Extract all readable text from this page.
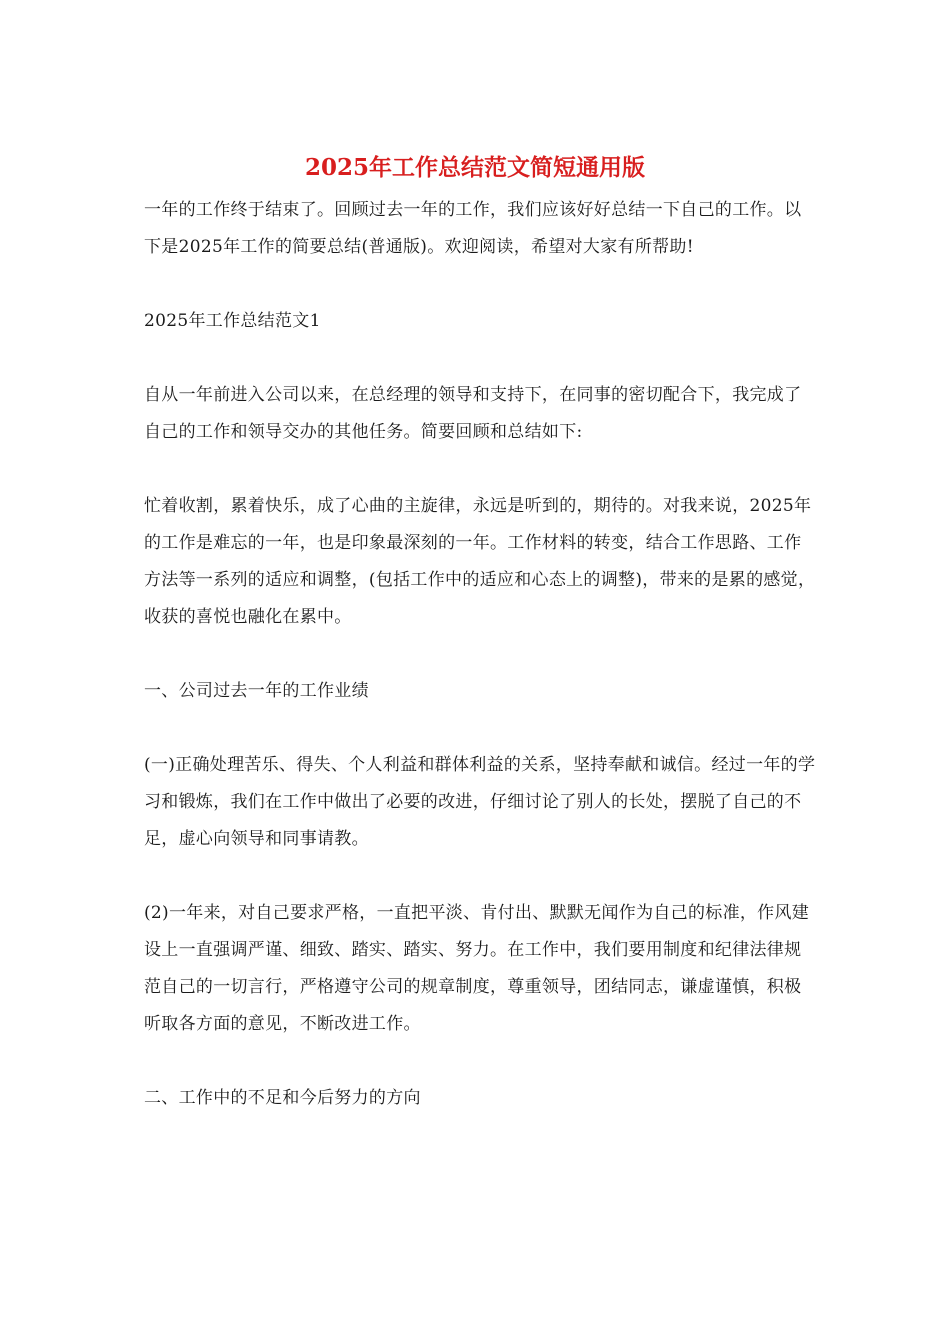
2025年工作总结范文简短通用版

一年的工作终于结束了。回顾过去一年的工作，我们应该好好总结一下自己的工作。以下是2025年工作的简要总结(普通版)。欢迎阅读，希望对大家有所帮助!

2025年工作总结范文1

自从一年前进入公司以来，在总经理的领导和支持下，在同事的密切配合下，我完成了自己的工作和领导交办的其他任务。简要回顾和总结如下:

忙着收割，累着快乐，成了心曲的主旋律，永远是听到的，期待的。对我来说，2025年的工作是难忘的一年，也是印象最深刻的一年。工作材料的转变，结合工作思路、工作方法等一系列的适应和调整，(包括工作中的适应和心态上的调整)，带来的是累的感觉，收获的喜悦也融化在累中。

一、公司过去一年的工作业绩

(一)正确处理苦乐、得失、个人利益和群体利益的关系，坚持奉献和诚信。经过一年的学习和锻炼，我们在工作中做出了必要的改进，仔细讨论了别人的长处，摆脱了自己的不足，虚心向领导和同事请教。

(2)一年来，对自己要求严格，一直把平淡、肯付出、默默无闻作为自己的标准，作风建设上一直强调严谨、细致、踏实、踏实、努力。在工作中，我们要用制度和纪律法律规范自己的一切言行，严格遵守公司的规章制度，尊重领导，团结同志，谦虚谨慎，积极听取各方面的意见，不断改进工作。

二、工作中的不足和今后努力的方向
